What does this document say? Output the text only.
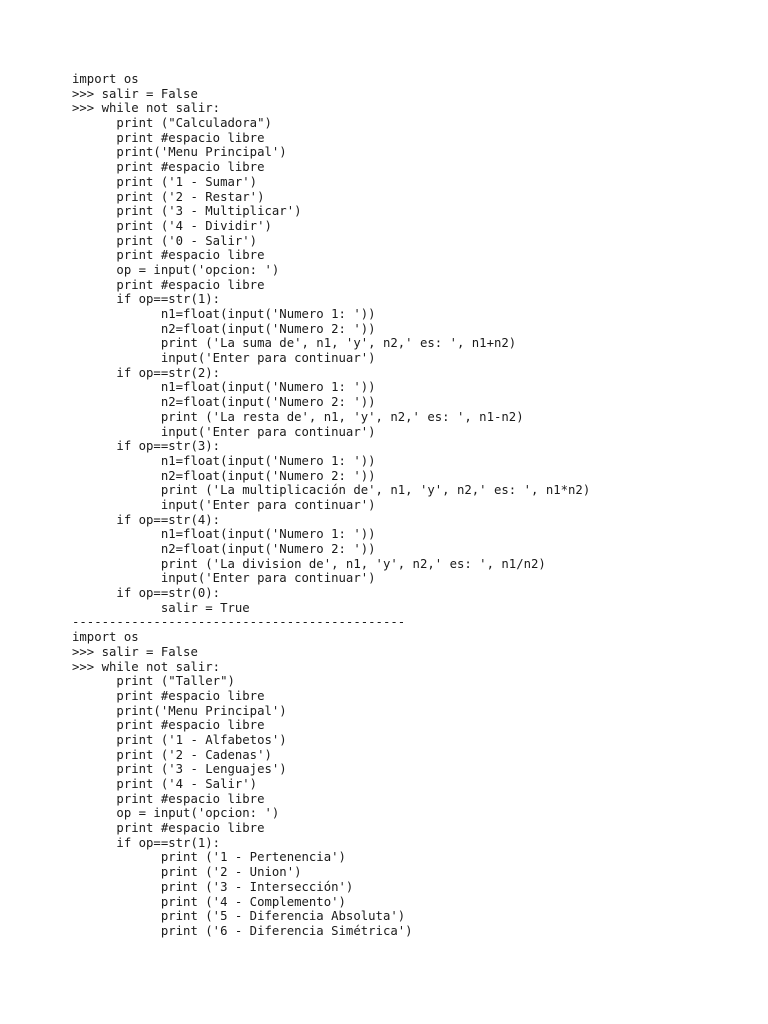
import os
>>> salir = False
>>> while not salir:
print ("Calculadora")
print #espacio libre
print('Menu Principal')
print #espacio libre
print ('1 - Sumar')
print ('2 - Restar')
print ('3 - Multiplicar')
print ('4 - Dividir')
print ('0 - Salir')
print #espacio libre
op = input('opcion: ')
print #espacio libre
if op==str(1):
n1=float(input('Numero 1: '))
n2=float(input('Numero 2: '))
print ('La suma de', n1, 'y', n2,' es: ', n1+n2)
input('Enter para continuar')
if op==str(2):
n1=float(input('Numero 1: '))
n2=float(input('Numero 2: '))
print ('La resta de', n1, 'y', n2,' es: ', n1-n2)
input('Enter para continuar')
if op==str(3):
n1=float(input('Numero 1: '))
n2=float(input('Numero 2: '))
print ('La multiplicación de', n1, 'y', n2,' es: ', n1*n2)
input('Enter para continuar')
if op==str(4):
n1=float(input('Numero 1: '))
n2=float(input('Numero 2: '))
print ('La division de', n1, 'y', n2,' es: ', n1/n2)
input('Enter para continuar')
if op==str(0):
salir = True
---------------------------------------------
import os
>>> salir = False
>>> while not salir:
print ("Taller")
print #espacio libre
print('Menu Principal')
print #espacio libre
print ('1 - Alfabetos')
print ('2 - Cadenas')
print ('3 - Lenguajes')
print ('4 - Salir')
print #espacio libre
op = input('opcion: ')
print #espacio libre
if op==str(1):
print ('1 - Pertenencia')
print ('2 - Union')
print ('3 - Intersección')
print ('4 - Complemento')
print ('5 - Diferencia Absoluta')
print ('6 - Diferencia Simétrica')
